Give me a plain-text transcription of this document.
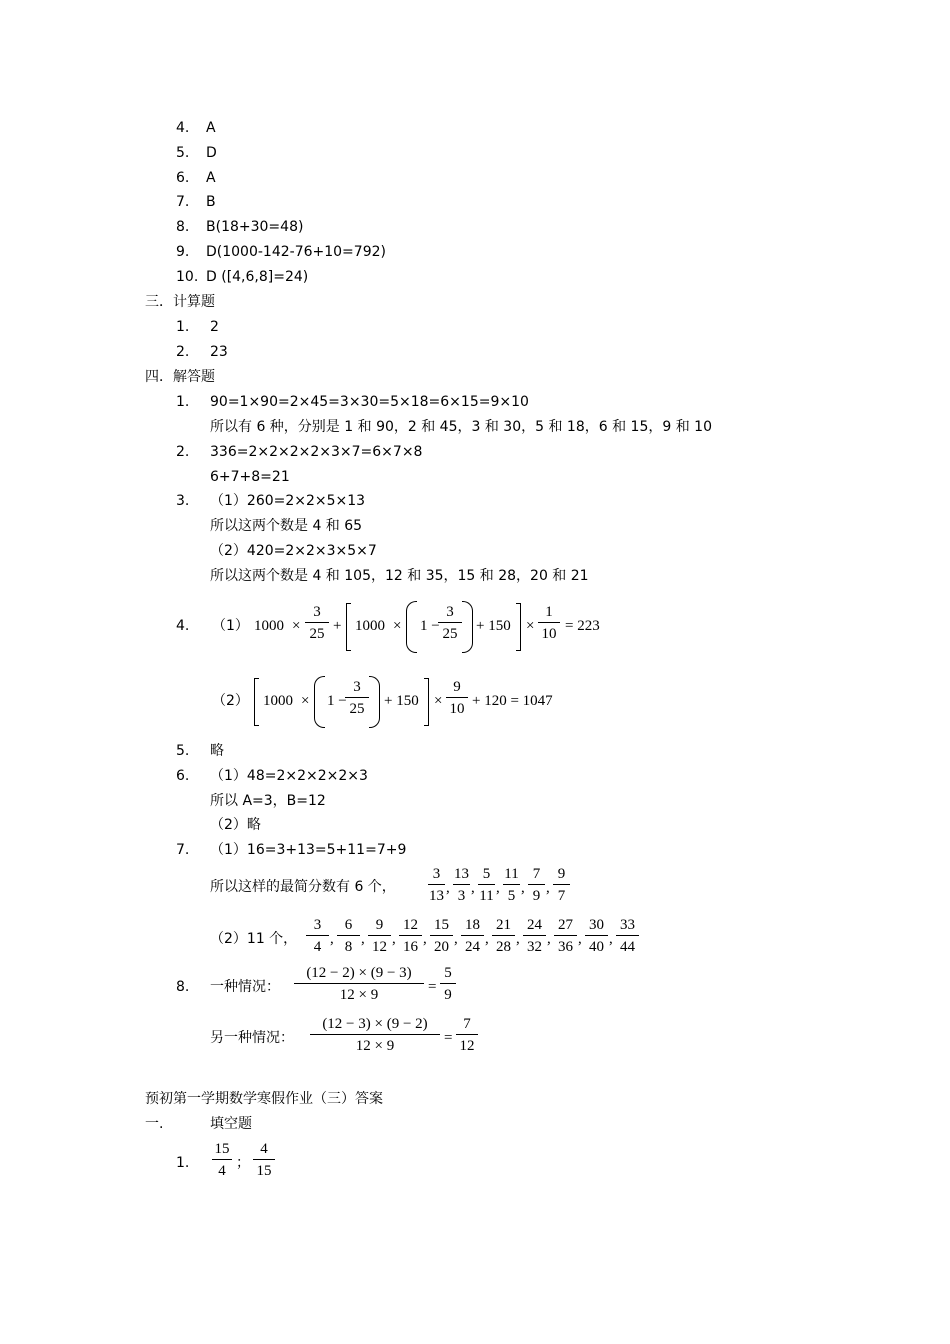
4. A
5. D
6. A
7. B
8. B(18+30=48)
9. D(1000-142-76+10=792)
10. D ([4,6,8]=24)
三．计算题
1. 2
2. 23
四．解答题
1. 90=1×90=2×45=3×30=5×18=6×15=9×10
所以有 6 种，分别是 1 和 90，2 和 45，3 和 30，5 和 18，6 和 15，9 和 10
2. 336=2×2×2×2×3×7=6×7×8
6+7+8=21
3. （1）260=2×2×5×13
所以这两个数是 4 和 65
（2）420=2×2×3×5×7
所以这两个数是 4 和 105，12 和 35，15 和 28，20 和 21
4. （1） $1000 \times \frac{3}{25} + 1000 \times 1$ −
$\frac{3}{25} + 150 \times \frac{1}{10} = 223$
（2） 1000 × 1 −
$\frac{3}{25} + 150 \times \frac{9}{10} + 120 = 1047$
5. 略
6. （1）48=2×2×2×2×3
所以 A=3，B=12
（2）略
7. （1）16=3+13=5+11=7+9
所以这样的最简分数有 6 个， $\frac{3}{13}$ , $\frac{13}{3}$ , $\frac{5}{11}$ , $\frac{11}{5}$ , $\frac{7}{9}$ , $\frac{9}{7}$
（2）11 个， $\frac{3}{4}$ , $\frac{6}{8}$ , $\frac{9}{12}$ , $\frac{12}{16}$ , $\frac{15}{20}$ , $\frac{18}{24}$ , $\frac{21}{28}$ , $\frac{24}{32}$ , $\frac{27}{36}$ , $\frac{30}{40}$ , $\frac{33}{44}$
8. 一种情况： $\frac{(12 - 2) \times (9 - 3)}{12 \times 9} = \frac{5}{9}$
另一种情况： $\frac{(12 - 3) \times (9 - 2)}{12 \times 9} = \frac{7}{12}$
预初第一学期数学寒假作业（三）答案
一.	填空题
1. $\frac{15}{4}$ ； $\frac{4}{15}$
